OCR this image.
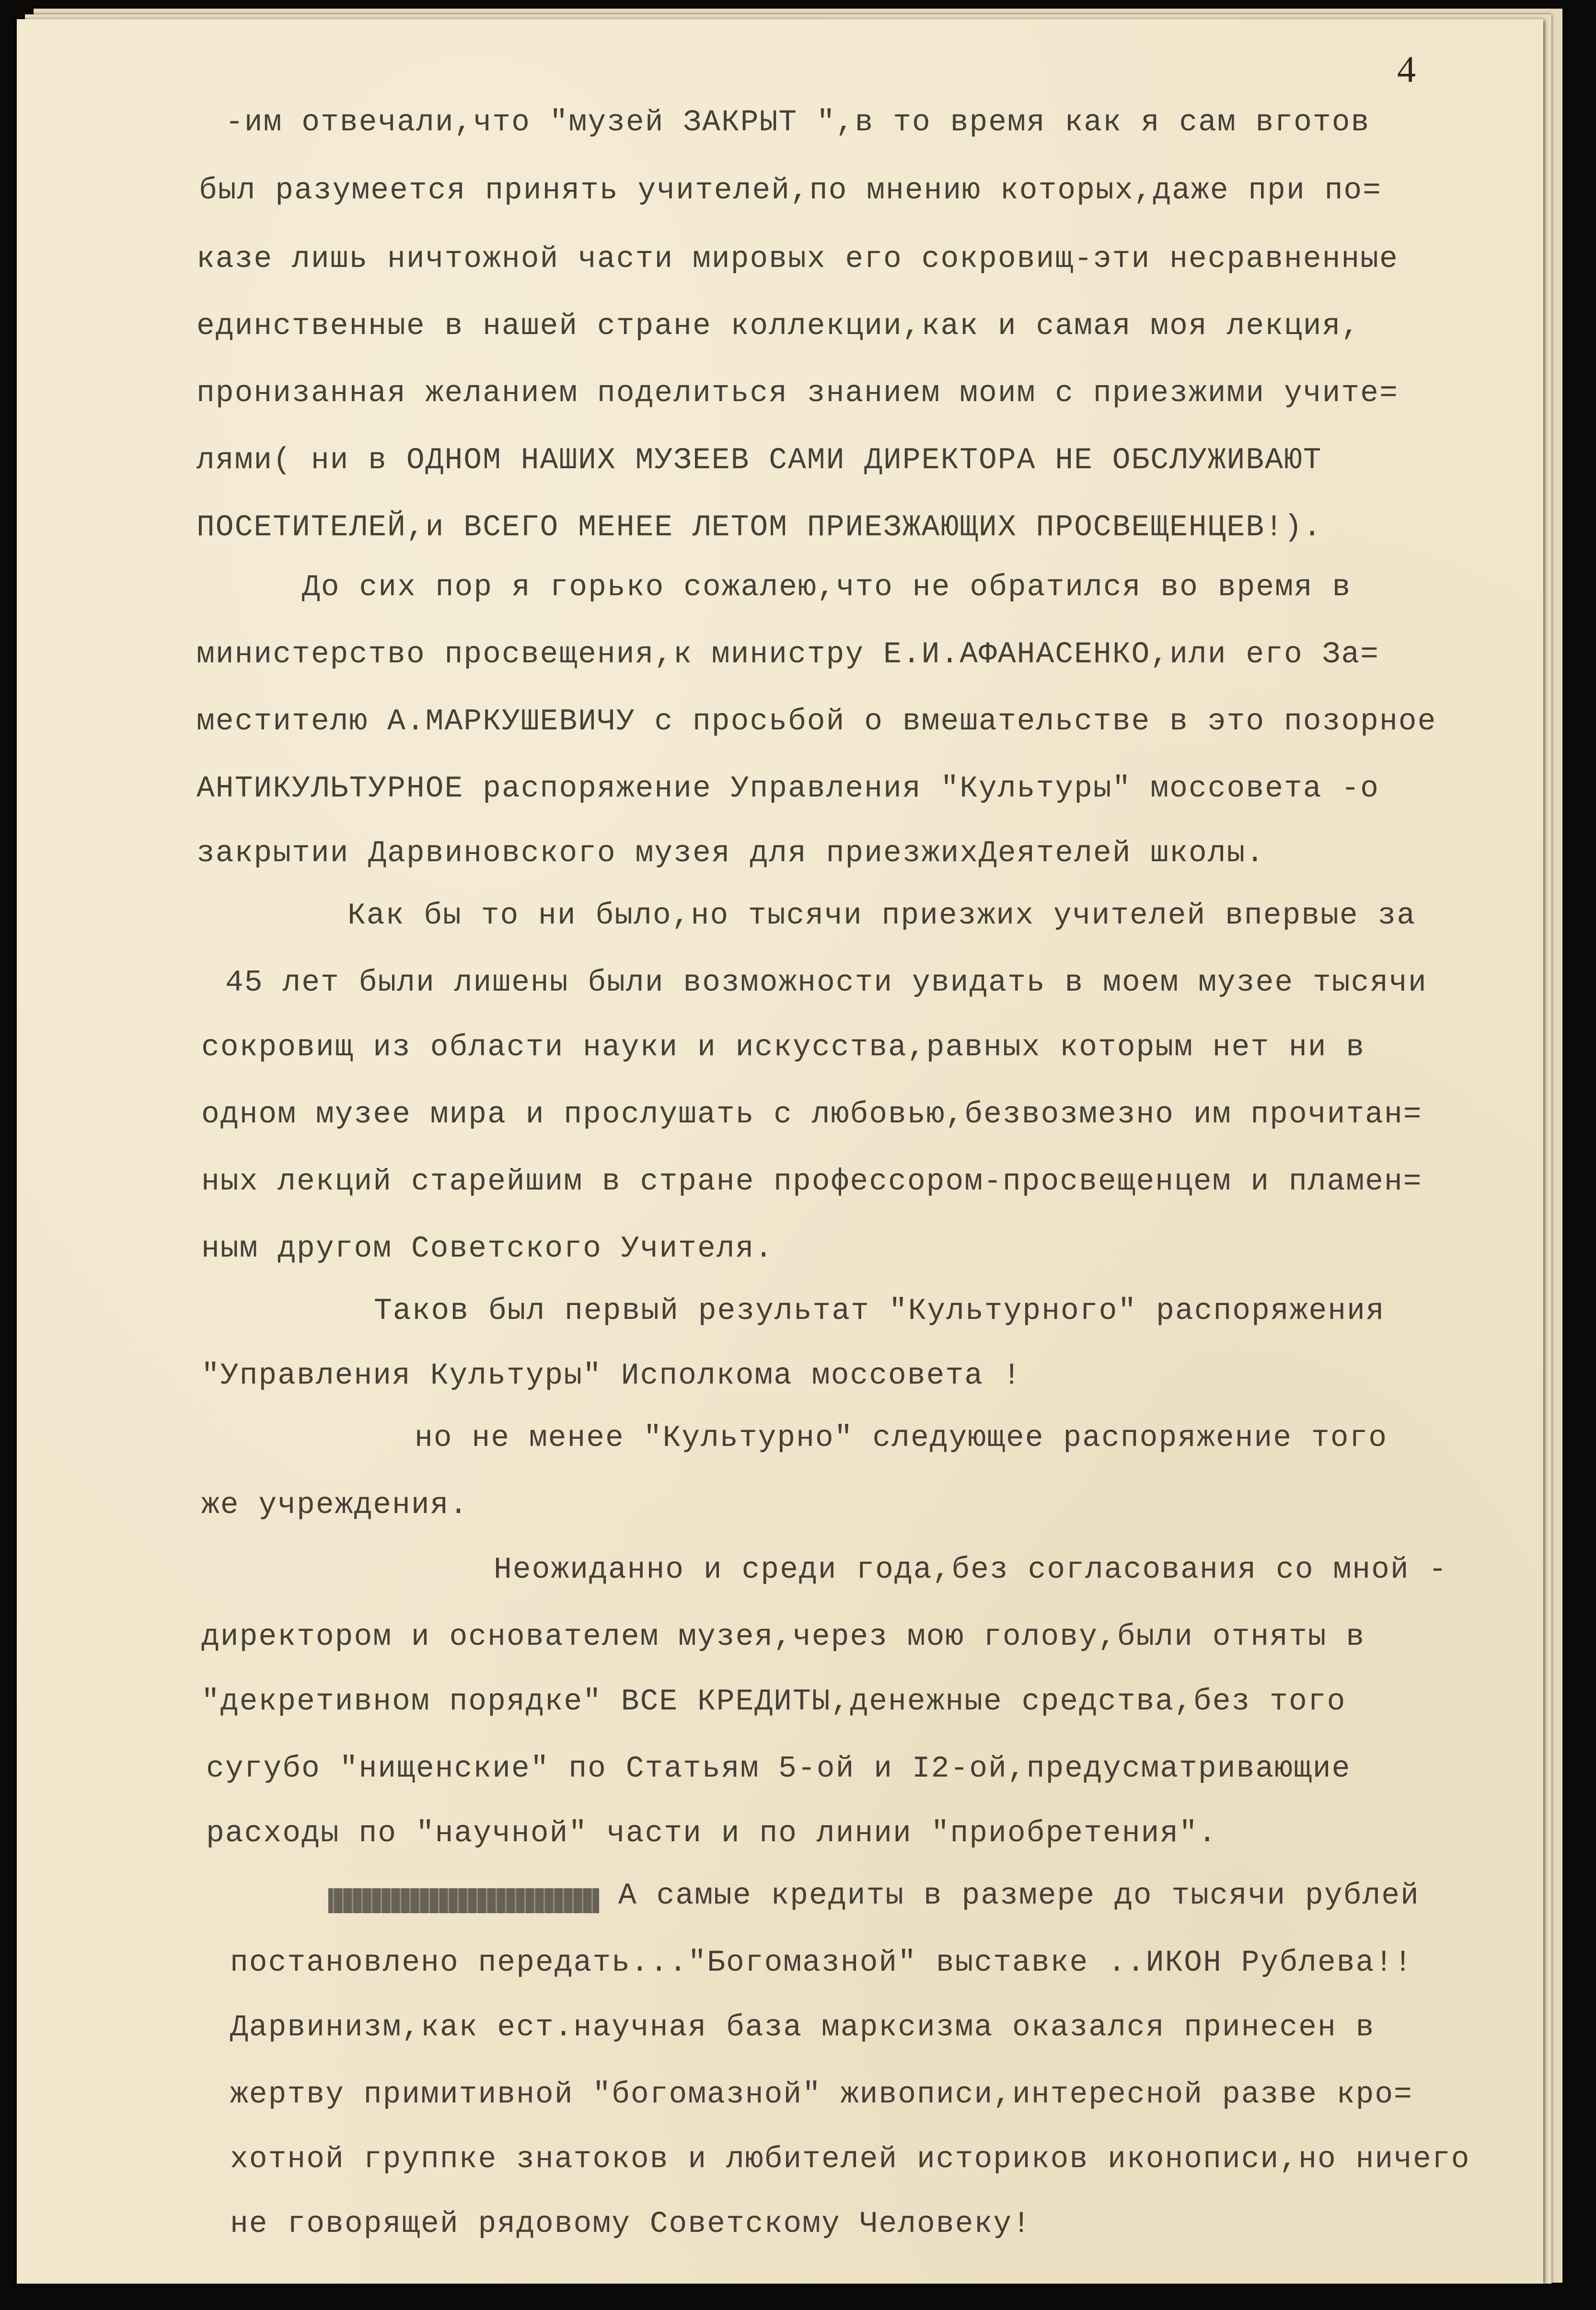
4
-им отвечали,что "музей ЗАКРЫТ ",в то время как я сам вготов
был разумеется принять учителей,по мнению которых,даже при по=
казе лишь ничтожной части мировых его сокровищ-эти несравненные
единственные в нашей стране коллекции,как и самая моя лекция,
пронизанная желанием поделиться знанием моим с приезжими учите=
лями( ни в ОДНОМ НАШИХ МУЗЕЕВ САМИ ДИРЕКТОРА НЕ ОБСЛУЖИВАЮТ
ПОСЕТИТЕЛЕЙ,и ВСЕГО МЕНЕЕ ЛЕТОМ ПРИЕЗЖАЮЩИХ ПРОСВЕЩЕНЦЕВ!).
До сих пор я горько сожалею,что не обратился во время в
министерство просвещения,к министру Е.И.АФАНАСЕНКО,или его За=
местителю А.МАРКУШЕВИЧУ с просьбой о вмешательстве в это позорное
АНТИКУЛЬТУРНОЕ распоряжение Управления "Культуры" моссовета -о
закрытии Дарвиновского музея для приезжихДеятелей школы.
Как бы то ни было,но тысячи приезжих учителей впервые за
45 лет были лишены были возможности увидать в моем музее тысячи
сокровищ из области науки и искусства,равных которым нет ни в
одном музее мира и прослушать с любовью,безвозмезно им прочитан=
ных лекций старейшим в стране профессором-просвещенцем и пламен=
ным другом Советского Учителя.
Таков был первый результат "Культурного" распоряжения
"Управления Культуры" Исполкома моссовета !
но не менее "Культурно" следующее распоряжение того
же учреждения.
Неожиданно и среди года,без согласования со мной -
директором и основателем музея,через мою голову,были отняты в
"декретивном порядке" ВСЕ КРЕДИТЫ,денежные средства,без того
сугубо "нищенские" по Статьям 5-ой и I2-ой,предусматривающие
расходы по "научной" части и по линии "приобретения".
А самые кредиты в размере до тысячи рублей
постановлено передать..."Богомазной" выставке ..ИКОН Рублева!!
Дарвинизм,как ест.научная база марксизма оказался принесен в
жертву примитивной "богомазной" живописи,интересной разве кро=
хотной группке знатоков и любителей историков иконописи,но ничего
не говорящей рядовому Советскому Человеку!
